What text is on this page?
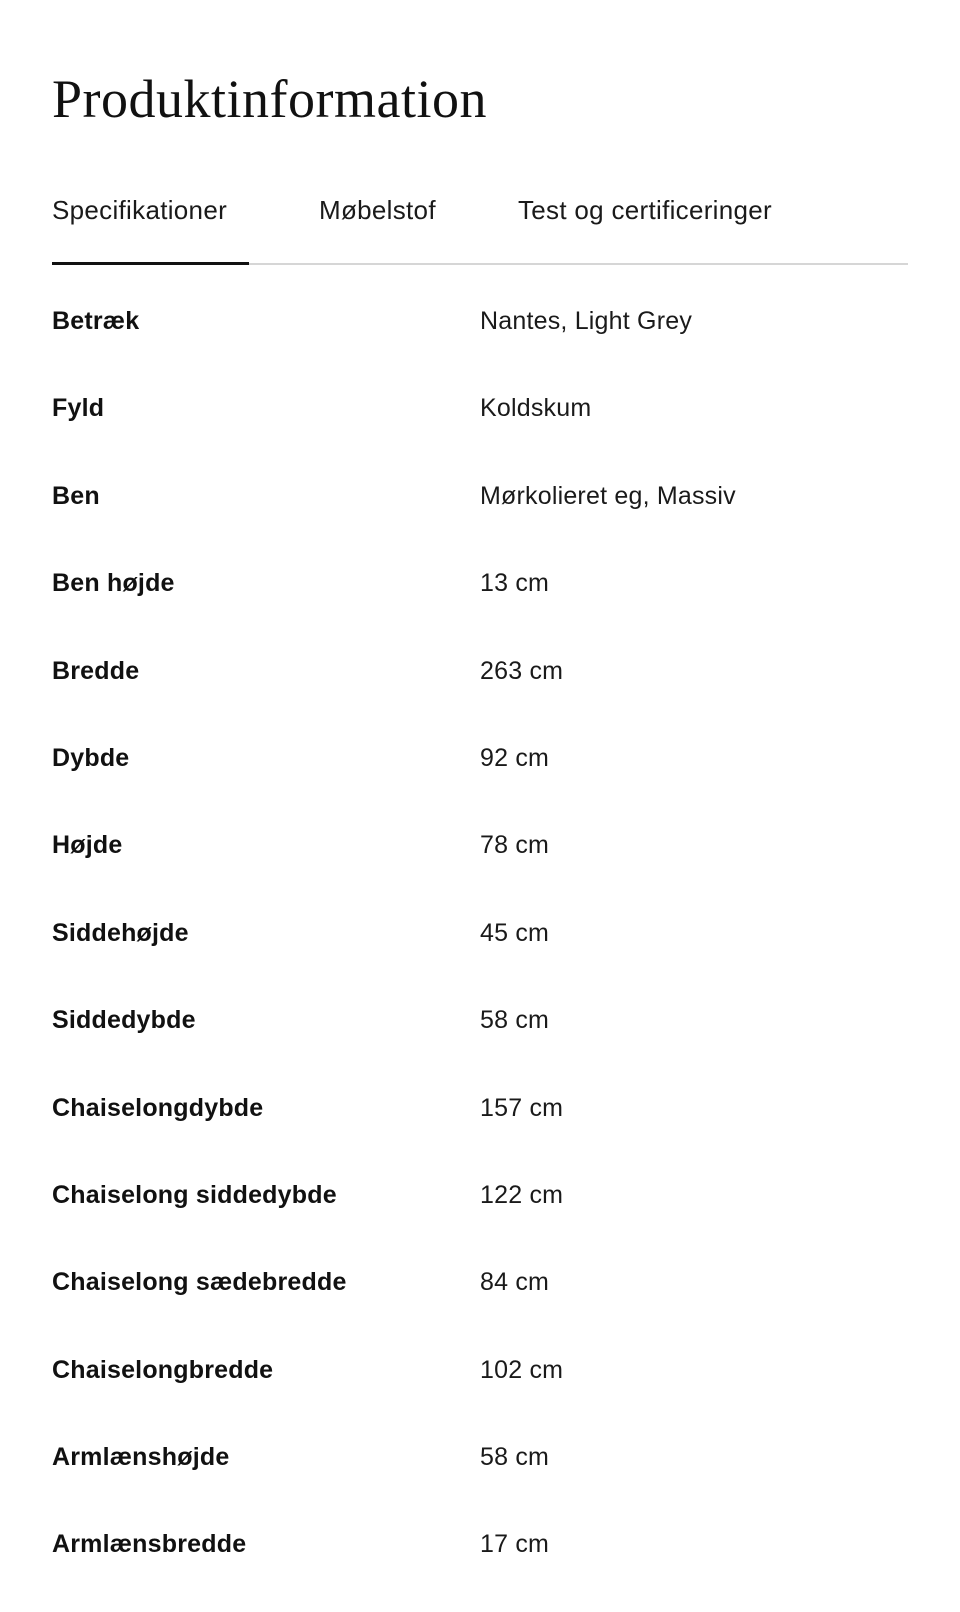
Produktinformation
Specifikationer	Møbelstof	Test og certificeringer
Betræk	Nantes, Light Grey
Fyld	Koldskum
Ben	Mørkolieret eg, Massiv
Ben højde	13 cm
Bredde	263 cm
Dybde	92 cm
Højde	78 cm
Siddehøjde	45 cm
Siddedybde	58 cm
Chaiselongdybde	157 cm
Chaiselong siddedybde	122 cm
Chaiselong sædebredde	84 cm
Chaiselongbredde	102 cm
Armlænshøjde	58 cm
Armlænsbredde	17 cm
